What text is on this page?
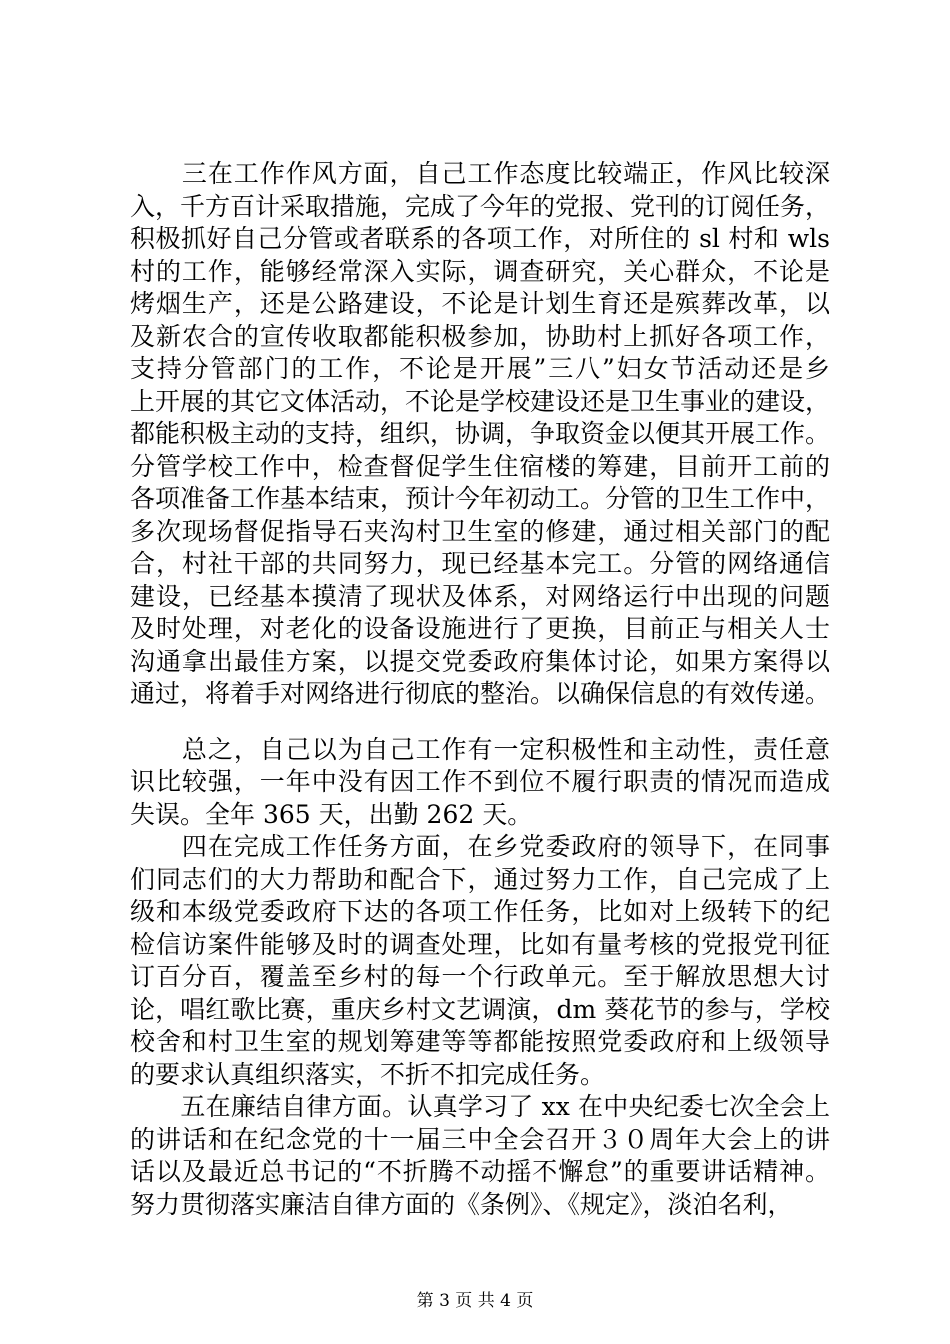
　　三在工作作风方面，自己工作态度比较端正，作风比较深
入，千方百计采取措施，完成了今年的党报、党刊的订阅任务，
积极抓好自己分管或者联系的各项工作，对所住的 sl 村和 wls
村的工作，能够经常深入实际，调查研究，关心群众，不论是
烤烟生产，还是公路建设，不论是计划生育还是殡葬改革，以
及新农合的宣传收取都能积极参加，协助村上抓好各项工作，
支持分管部门的工作，不论是开展”三八”妇女节活动还是乡
上开展的其它文体活动，不论是学校建设还是卫生事业的建设，
都能积极主动的支持，组织，协调，争取资金以便其开展工作。
分管学校工作中，检查督促学生住宿楼的筹建，目前开工前的
各项准备工作基本结束，预计今年初动工。分管的卫生工作中，
多次现场督促指导石夹沟村卫生室的修建，通过相关部门的配
合，村社干部的共同努力，现已经基本完工。分管的网络通信
建设，已经基本摸清了现状及体系，对网络运行中出现的问题
及时处理，对老化的设备设施进行了更换，目前正与相关人士
沟通拿出最佳方案，以提交党委政府集体讨论，如果方案得以
通过，将着手对网络进行彻底的整治。以确保信息的有效传递。
　　总之，自己以为自己工作有一定积极性和主动性，责任意
识比较强，一年中没有因工作不到位不履行职责的情况而造成
失误。全年 365 天，出勤 262 天。
　　四在完成工作任务方面，在乡党委政府的领导下，在同事
们同志们的大力帮助和配合下，通过努力工作，自己完成了上
级和本级党委政府下达的各项工作任务，比如对上级转下的纪
检信访案件能够及时的调查处理，比如有量考核的党报党刊征
订百分百，覆盖至乡村的每一个行政单元。至于解放思想大讨
论，唱红歌比赛，重庆乡村文艺调演，dm 葵花节的参与，学校
校舍和村卫生室的规划筹建等等都能按照党委政府和上级领导
的要求认真组织落实，不折不扣完成任务。
　　五在廉结自律方面。认真学习了 xx 在中央纪委七次全会上
的讲话和在纪念党的十一届三中全会召开３０周年大会上的讲
话以及最近总书记的“不折腾不动摇不懈怠”的重要讲话精神。
努力贯彻落实廉洁自律方面的《条例》、《规定》，淡泊名利，
第 3 页 共 4 页
